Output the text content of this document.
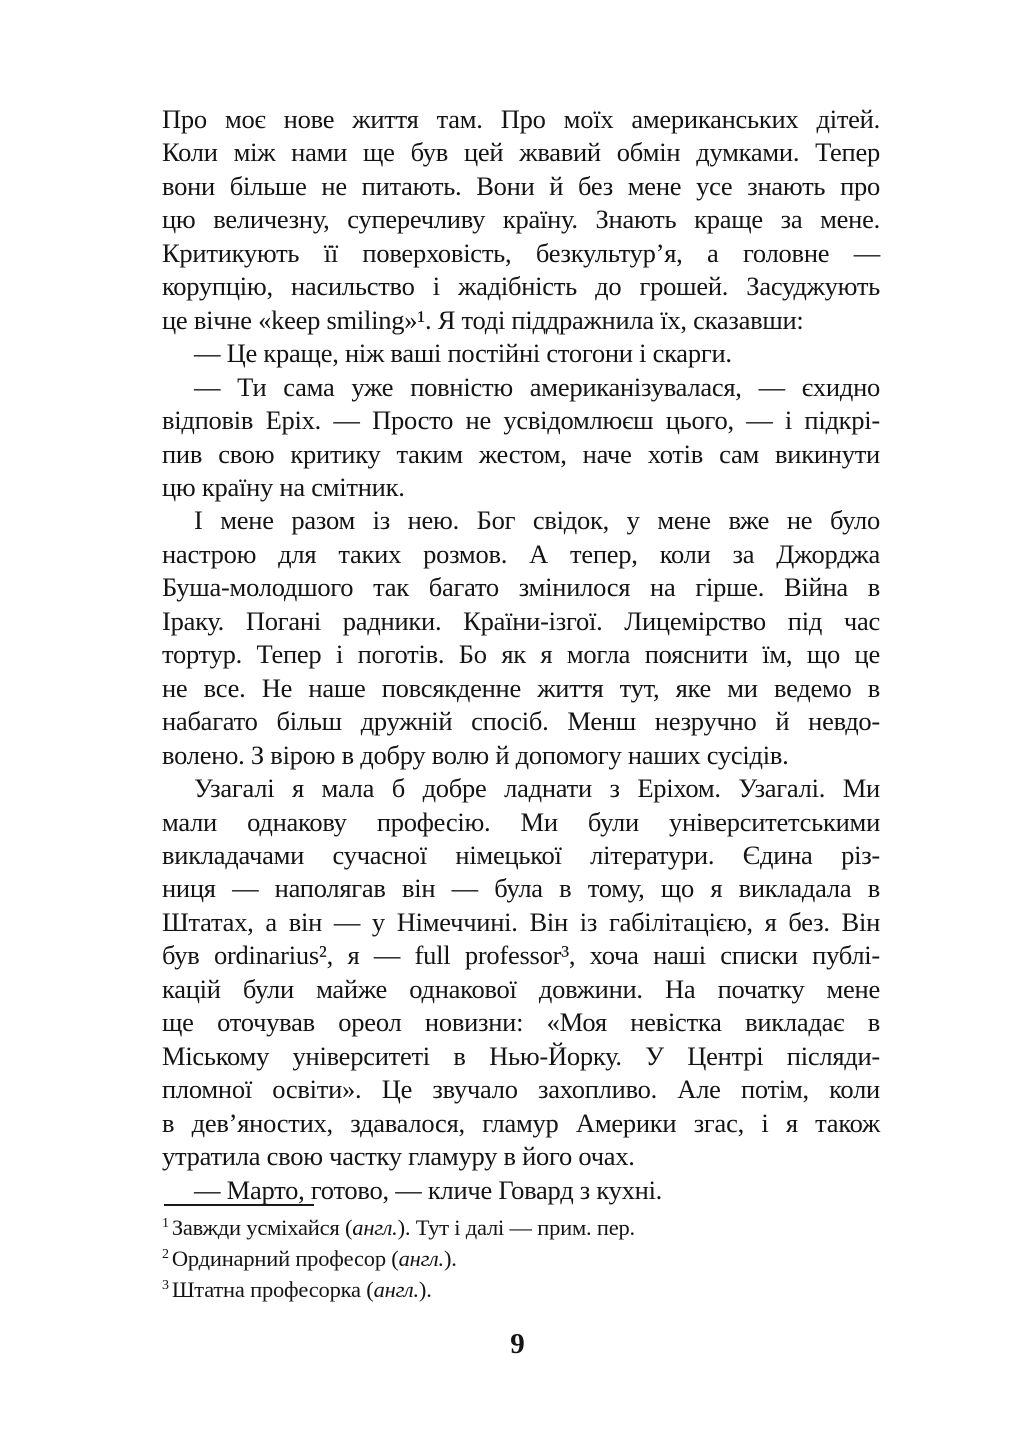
Про моє нове життя там. Про моїх американських дітей.
Коли між нами ще був цей жвавий обмін думками. Тепер
вони більше не питають. Вони й без мене усе знають про
цю величезну, суперечливу країну. Знають краще за мене.
Критикують її поверховість, безкультур’я, а головне —
корупцію, насильство і жадібність до грошей. Засуджують
це вічне «keep smiling»¹. Я тоді піддражнила їх, сказавши:
— Це краще, ніж ваші постійні стогони і скарги.
— Ти сама уже повністю американізувалася, — єхидно
відповів Еріх. — Просто не усвідомлюєш цього, — і підкрі-
пив свою критику таким жестом, наче хотів сам викинути
цю країну на смітник.
І мене разом із нею. Бог свідок, у мене вже не було
настрою для таких розмов. А тепер, коли за Джорджа
Буша-молодшого так багато змінилося на гірше. Війна в
Іраку. Погані радники. Країни-ізгої. Лицемірство під час
тортур. Тепер і поготів. Бо як я могла пояснити їм, що це
не все. Не наше повсякденне життя тут, яке ми ведемо в
набагато більш дружній спосіб. Менш незручно й невдо-
волено. З вірою в добру волю й допомогу наших сусідів.
Узагалі я мала б добре ладнати з Еріхом. Узагалі. Ми
мали однакову професію. Ми були університетськими
викладачами сучасної німецької літератури. Єдина різ-
ниця — наполягав він — була в тому, що я викладала в
Штатах, а він — у Німеччині. Він із габілітацією, я без. Він
був ordinarius², я — full professor³, хоча наші списки публі-
кацій були майже однакової довжини. На початку мене
ще оточував ореол новизни: «Моя невістка викладає в
Міському університеті в Нью-Йорку. У Центрі післяди-
пломної освіти». Це звучало захопливо. Але потім, коли
в дев’яностих, здавалося, гламур Америки згас, і я також
утратила свою частку гламуру в його очах.
— Марто, готово, — кличе Говард з кухні.
$^1$ Завжди усміхайся (англ.). Тут і далі — прим. пер.
$^2$ Ординарний професор (англ.).
$^3$ Штатна професорка (англ.).
9
